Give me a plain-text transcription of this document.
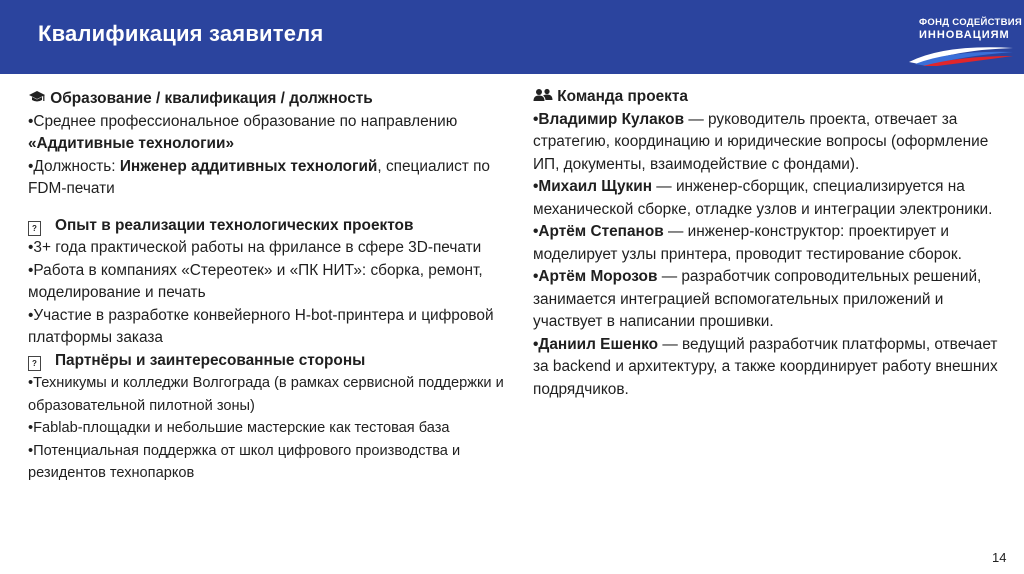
Квалификация заявителя	ФОНД СОДЕЙСТВИЯ
ИННОВАЦИЯМ

Образование / квалификация / должность

•Среднее профессиональное образование по направлению «Аддитивные технологии»

•Должность: Инженер аддитивных технологий, специалист по FDM-печати

? Опыт в реализации технологических проектов

•3+ года практической работы на фрилансе в сфере 3D-печати

•Работа в компаниях «Стереотек» и «ПК НИТ»: сборка, ремонт, моделирование и печать

•Участие в разработке конвейерного H-bot-принтера и цифровой платформы заказа

? Партнёры и заинтересованные стороны

•Техникумы и колледжи Волгограда (в рамках сервисной поддержки и образовательной пилотной зоны)

•Fablab-площадки и небольшие мастерские как тестовая база

•Потенциальная поддержка от школ цифрового производства и резидентов технопарков

Команда проекта

•Владимир Кулаков — руководитель проекта, отвечает за стратегию, координацию и юридические вопросы (оформление ИП, документы, взаимодействие с фондами).

•Михаил Щукин — инженер-сборщик, специализируется на механической сборке, отладке узлов и интеграции электроники.

•Артём Степанов — инженер-конструктор: проектирует и моделирует узлы принтера, проводит тестирование сборок.

•Артём Морозов — разработчик сопроводительных решений, занимается интеграцией вспомогательных приложений и участвует в написании прошивки.

•Даниил Ешенко — ведущий разработчик платформы, отвечает за backend и архитектуру, а также координирует работу внешних подрядчиков.

14
